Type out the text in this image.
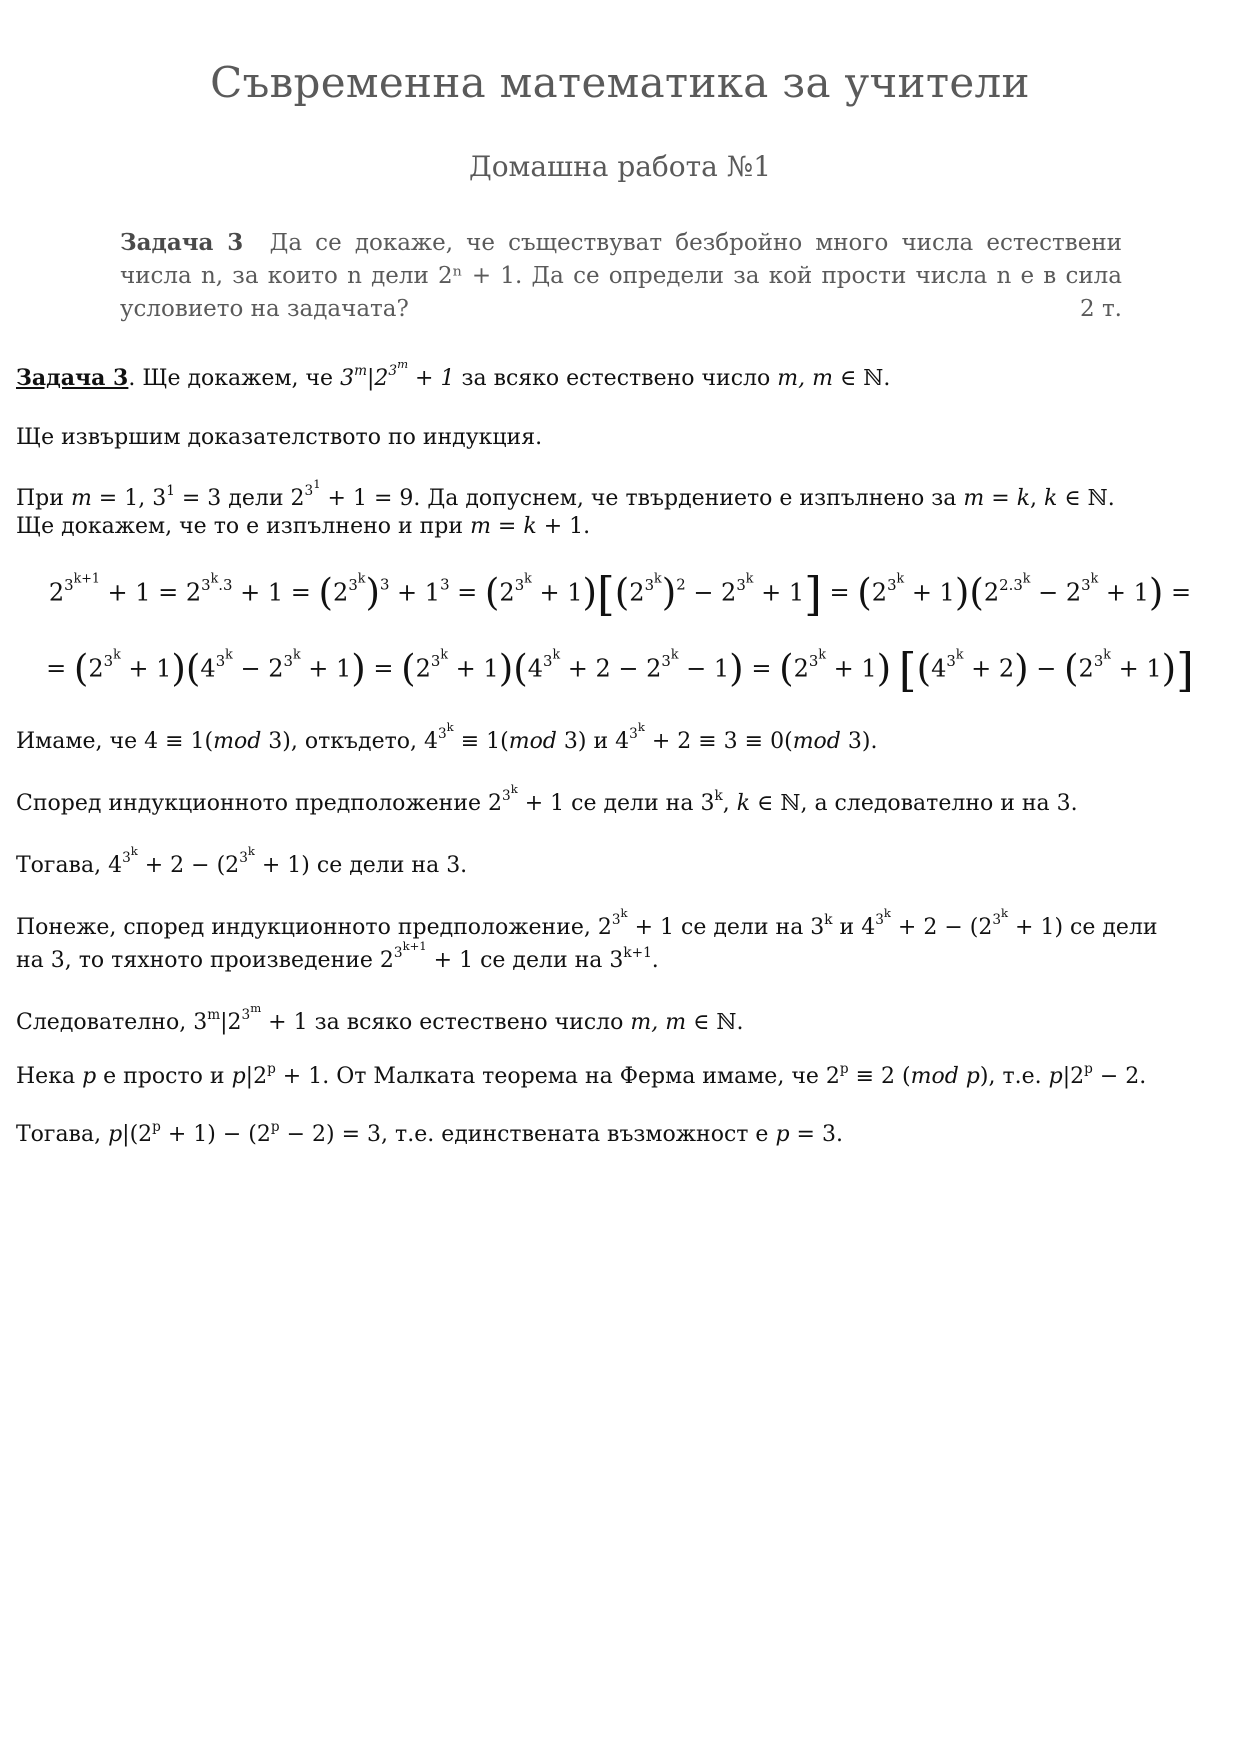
Съвременна математика за учители
Домашна работа №1
Задача 3 Да се докаже, че съществуват безбройно много числа естествени числа n, за които n дели 2ⁿ + 1. Да се определи за кой прости числа n е в сила условието на задачата?	2 т.
Задача 3. Ще докажем, че $3^m|2^{3^m} + 1$ за всяко естествено число m, m ∈ ℕ.
Ще извършим доказателството по индукция.
При m = 1, $3^1 = 3$ дели $2^{3^1} + 1 = 9$. Да допуснем, че твърдението е изпълнено за m = k, k ∈ ℕ.
Ще докажем, че то е изпълнено и при m = k + 1.
$2^{3^{k+1}} + 1 = 2^{3^k.3} + 1 = (2^{3^k})^3 + 1^3 = (2^{3^k} + 1)[(2^{3^k})^2 - 2^{3^k} + 1] = (2^{3^k} + 1)(2^{2.3^k} - 2^{3^k} + 1)$ =
= $(2^{3^k} + 1)(4^{3^k} - 2^{3^k} + 1) = (2^{3^k} + 1)(4^{3^k} + 2 - 2^{3^k} - 1) = (2^{3^k} + 1) [(4^{3^k} + 2) - (2^{3^k} + 1)]$
Имаме, че 4 ≡ 1(mod 3), откъдето, $4^{3^k} \equiv 1(mod$ 3) и $4^{3^k} + 2 \equiv 3 \equiv 0(mod$ 3).
Според индукционното предположение $2^{3^k} + 1$ се дели на 3$^k$, k ∈ ℕ, а следователно и на 3.
Тогава, $4^{3^k} + 2 - (2^{3^k} + 1)$ се дели на 3.
Понеже, според индукционното предположение, $2^{3^k} + 1$ се дели на 3$^k$ и $4^{3^k} + 2 - (2^{3^k} + 1)$ се дели
на 3, то тяхното произведение $2^{3^{k+1}} + 1$ се дели на $3^{k+1}$.
Следователно, $3^m|2^{3^m} + 1$ за всяко естествено число m, m ∈ ℕ.
Нека p е просто и $p|2^p + 1$. От Малката теорема на Ферма имаме, че $2^p \equiv 2$ (mod p), т.е. $p|2^p - 2$.
Тогава, $p|(2^p + 1) - (2^p - 2) = 3$, т.е. единствената възможност е p = 3.
